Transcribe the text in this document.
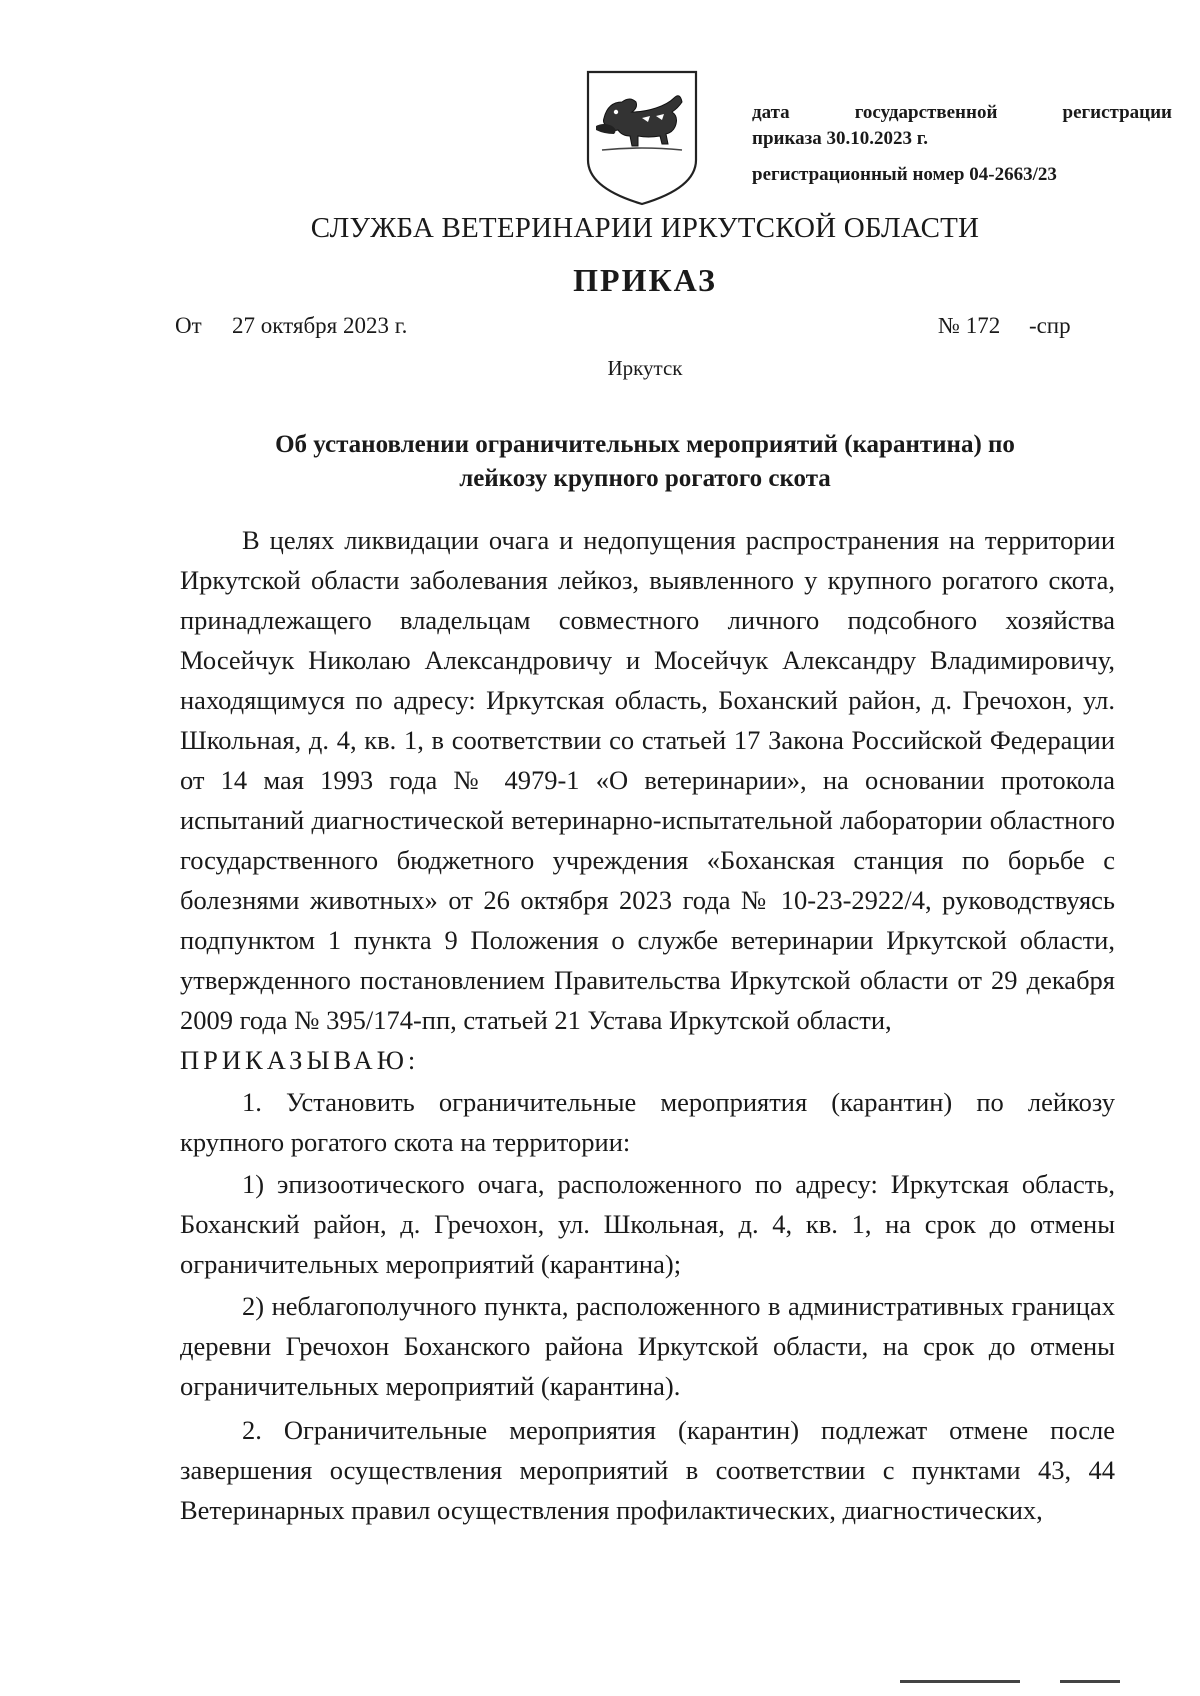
дата	государственной	регистрации
приказа 30.10.2023 г.
регистрационный номер 04-2663/23
СЛУЖБА ВЕТЕРИНАРИИ ИРКУТСКОЙ ОБЛАСТИ
ПРИКАЗ
От 27 октября 2023 г.	№ 172     -спр
Иркутск
Об установлении ограничительных мероприятий (карантина) по
лейкозу крупного рогатого скота

В целях ликвидации очага и недопущения распространения на территории Иркутской области заболевания лейкоз, выявленного у крупного рогатого скота, принадлежащего владельцам совместного личного подсобного хозяйства Мосейчук Николаю Александровичу и Мосейчук Александру Владимировичу, находящимуся по адресу: Иркутская область, Боханский район, д. Гречохон, ул. Школьная, д. 4, кв. 1, в соответствии со статьей 17 Закона Российской Федерации от 14 мая 1993 года № 4979-1 «О ветеринарии», на основании протокола испытаний диагностической ветеринарно-испытательной лаборатории областного государственного бюджетного учреждения «Боханская станция по борьбе с болезнями животных» от 26 октября 2023 года № 10-23-2922/4, руководствуясь подпунктом 1 пункта 9 Положения о службе ветеринарии Иркутской области, утвержденного постановлением Правительства Иркутской области от 29 декабря 2009 года № 395/174-пп, статьей 21 Устава Иркутской области,

ПРИКАЗЫВАЮ:

1. Установить ограничительные мероприятия (карантин) по лейкозу крупного рогатого скота на территории:

1) эпизоотического очага, расположенного по адресу: Иркутская область, Боханский район, д. Гречохон, ул. Школьная, д. 4, кв. 1, на срок до отмены ограничительных мероприятий (карантина);

2) неблагополучного пункта, расположенного в административных границах деревни Гречохон Боханского района Иркутской области, на срок до отмены ограничительных мероприятий (карантина).

2. Ограничительные мероприятия (карантин) подлежат отмене после завершения осуществления мероприятий в соответствии с пунктами 43, 44 Ветеринарных правил осуществления профилактических, диагностических,
